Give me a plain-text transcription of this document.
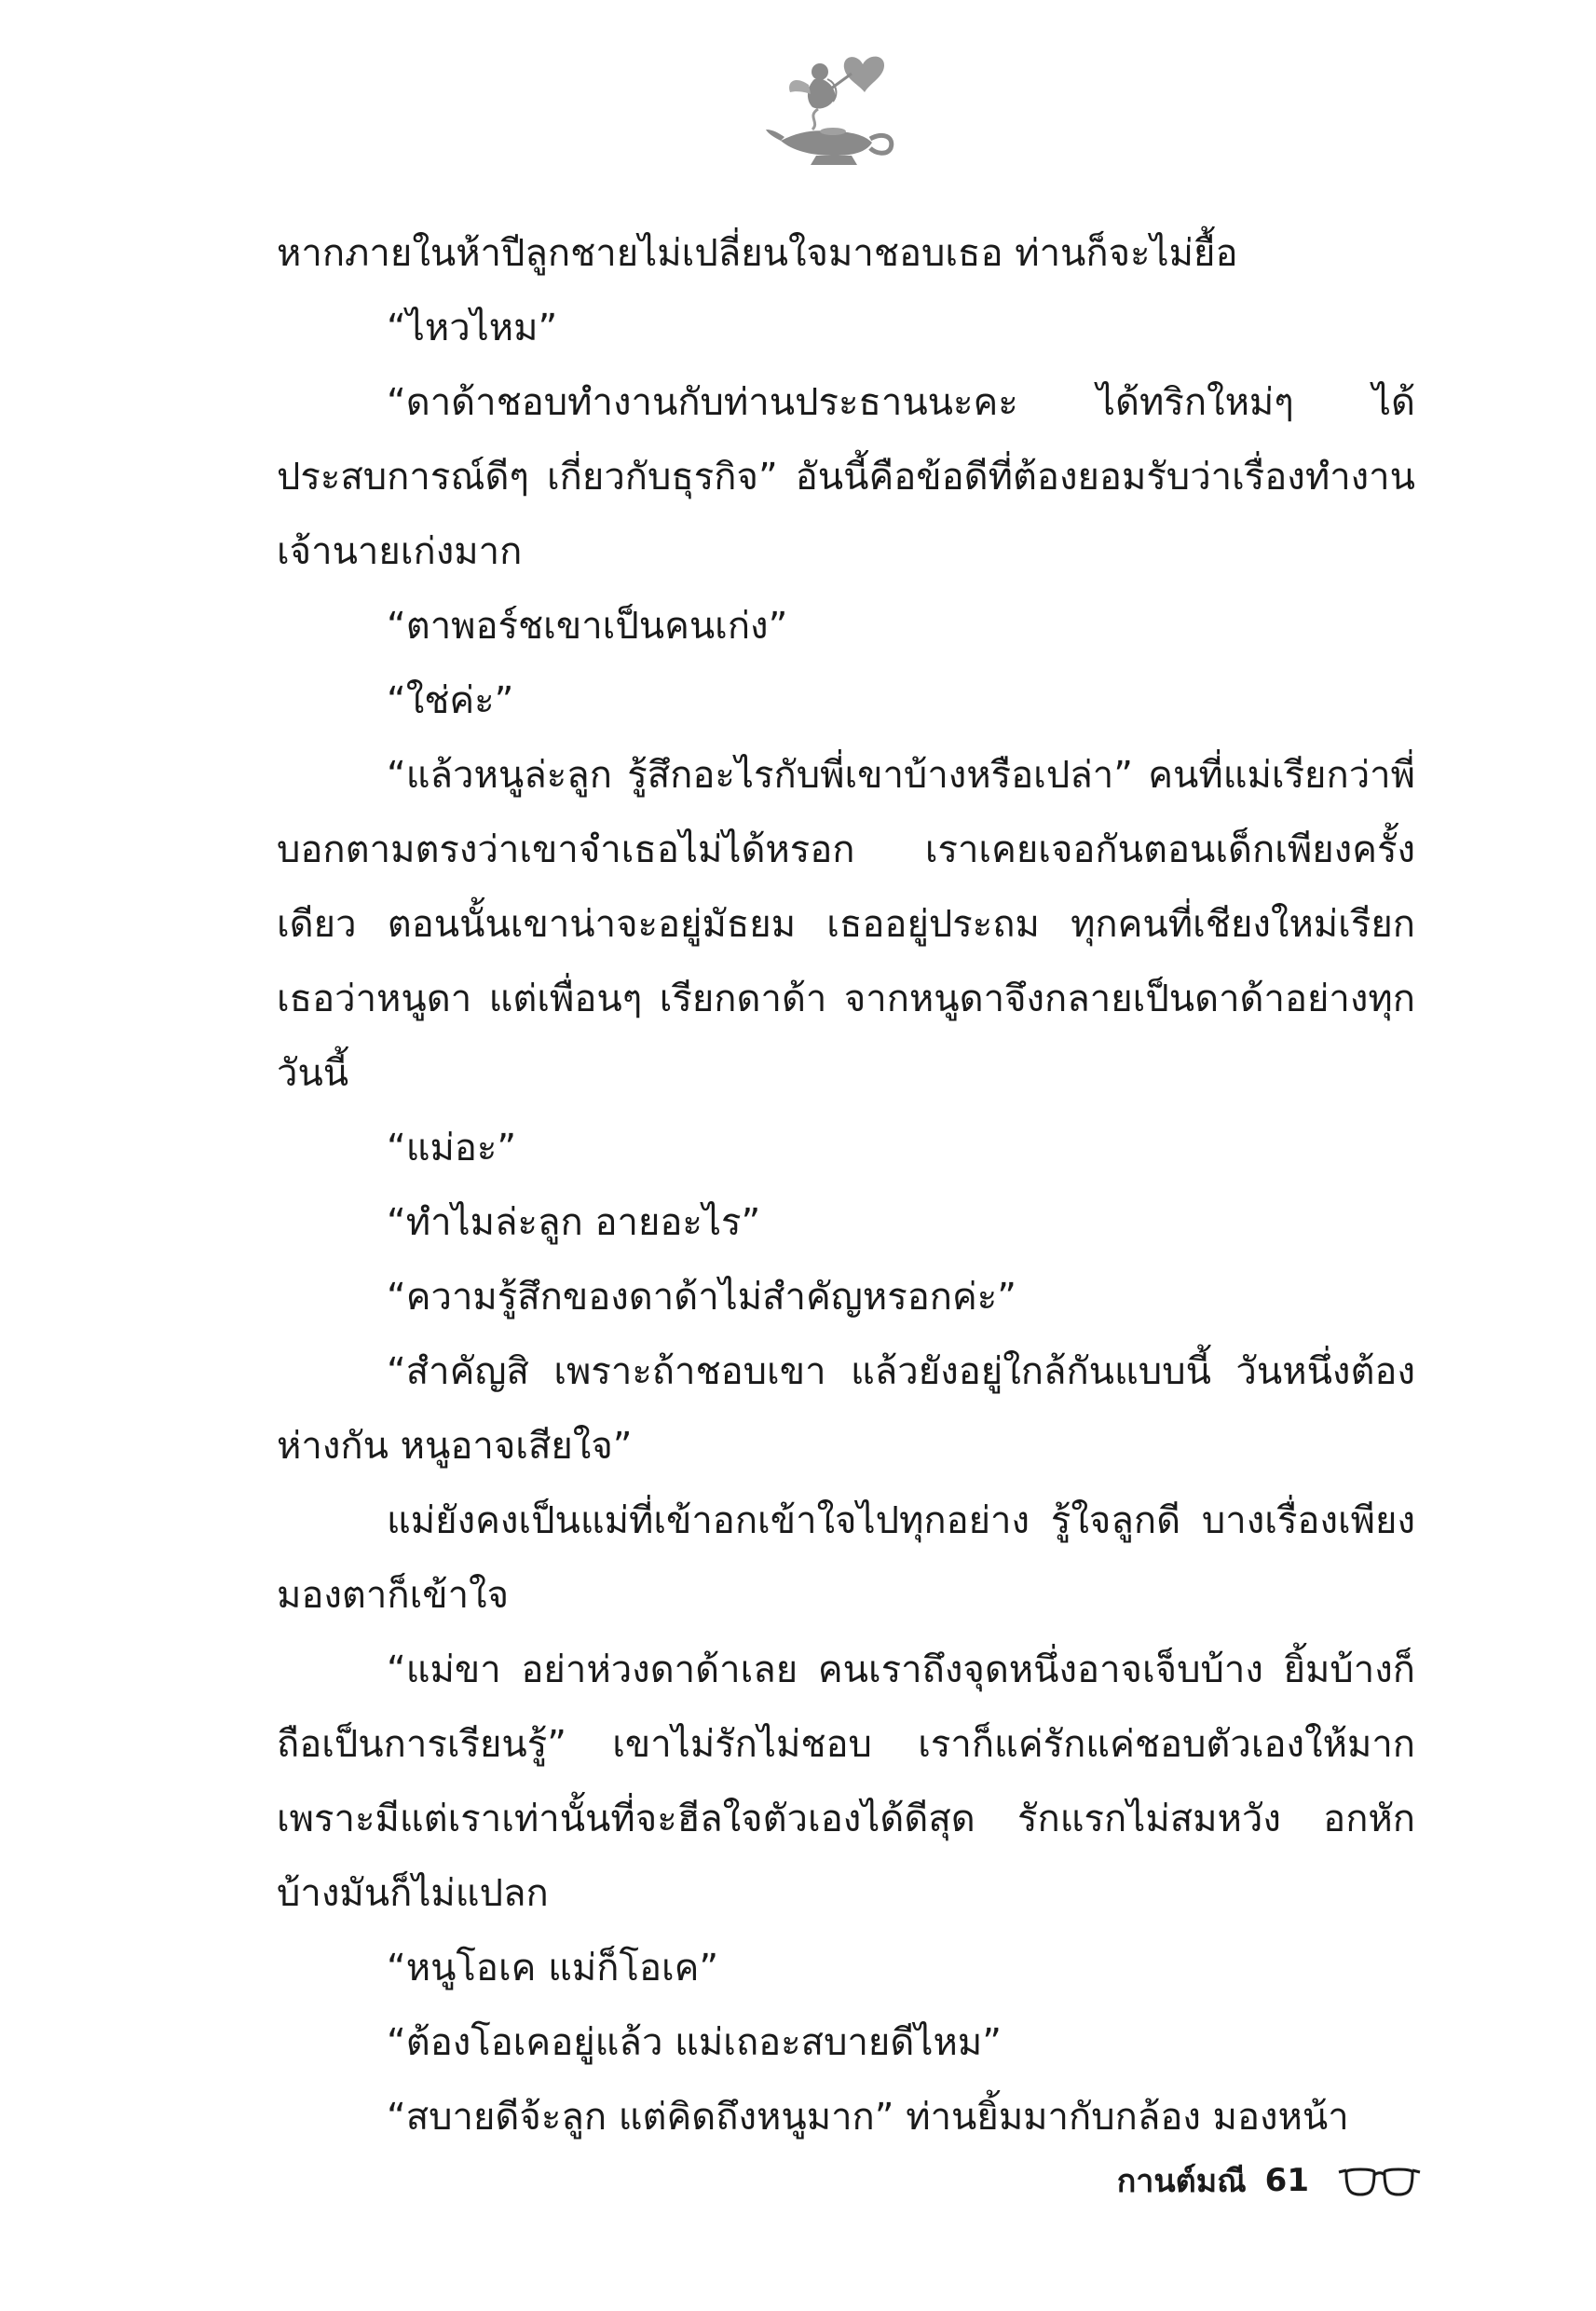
หากภายในห้าปีลูกชายไม่เปลี่ยนใจมาชอบเธอ ท่านก็จะไม่ยื้อ

“ไหวไหม”

“ดาด้าชอบทำงานกับท่านประธานนะคะ ได้ทริกใหม่ๆ ได้ประสบการณ์ดีๆ เกี่ยวกับธุรกิจ” อันนี้คือข้อดีที่ต้องยอมรับว่าเรื่องทำงานเจ้านายเก่งมาก

“ตาพอร์ชเขาเป็นคนเก่ง”

“ใช่ค่ะ”

“แล้วหนูล่ะลูก รู้สึกอะไรกับพี่เขาบ้างหรือเปล่า” คนที่แม่เรียกว่าพี่ บอกตามตรงว่าเขาจำเธอไม่ได้หรอก เราเคยเจอกันตอนเด็กเพียงครั้งเดียว ตอนนั้นเขาน่าจะอยู่มัธยม เธออยู่ประถม ทุกคนที่เชียงใหม่เรียกเธอว่าหนูดา แต่เพื่อนๆ เรียกดาด้า จากหนูดาจึงกลายเป็นดาด้าอย่างทุกวันนี้

“แม่อะ”

“ทำไมล่ะลูก อายอะไร”

“ความรู้สึกของดาด้าไม่สำคัญหรอกค่ะ”

“สำคัญสิ เพราะถ้าชอบเขา แล้วยังอยู่ใกล้กันแบบนี้ วันหนึ่งต้องห่างกัน หนูอาจเสียใจ”

แม่ยังคงเป็นแม่ที่เข้าอกเข้าใจไปทุกอย่าง รู้ใจลูกดี บางเรื่องเพียงมองตาก็เข้าใจ

“แม่ขา อย่าห่วงดาด้าเลย คนเราถึงจุดหนึ่งอาจเจ็บบ้าง ยิ้มบ้างก็ถือเป็นการเรียนรู้” เขาไม่รักไม่ชอบ เราก็แค่รักแค่ชอบตัวเองให้มากเพราะมีแต่เราเท่านั้นที่จะฮีลใจตัวเองได้ดีสุด รักแรกไม่สมหวัง อกหักบ้างมันก็ไม่แปลก

“หนูโอเค แม่ก็โอเค”

“ต้องโอเคอยู่แล้ว แม่เถอะสบายดีไหม”

“สบายดีจ้ะลูก แต่คิดถึงหนูมาก” ท่านยิ้มมากับกล้อง มองหน้า

กานต์มณี 61
